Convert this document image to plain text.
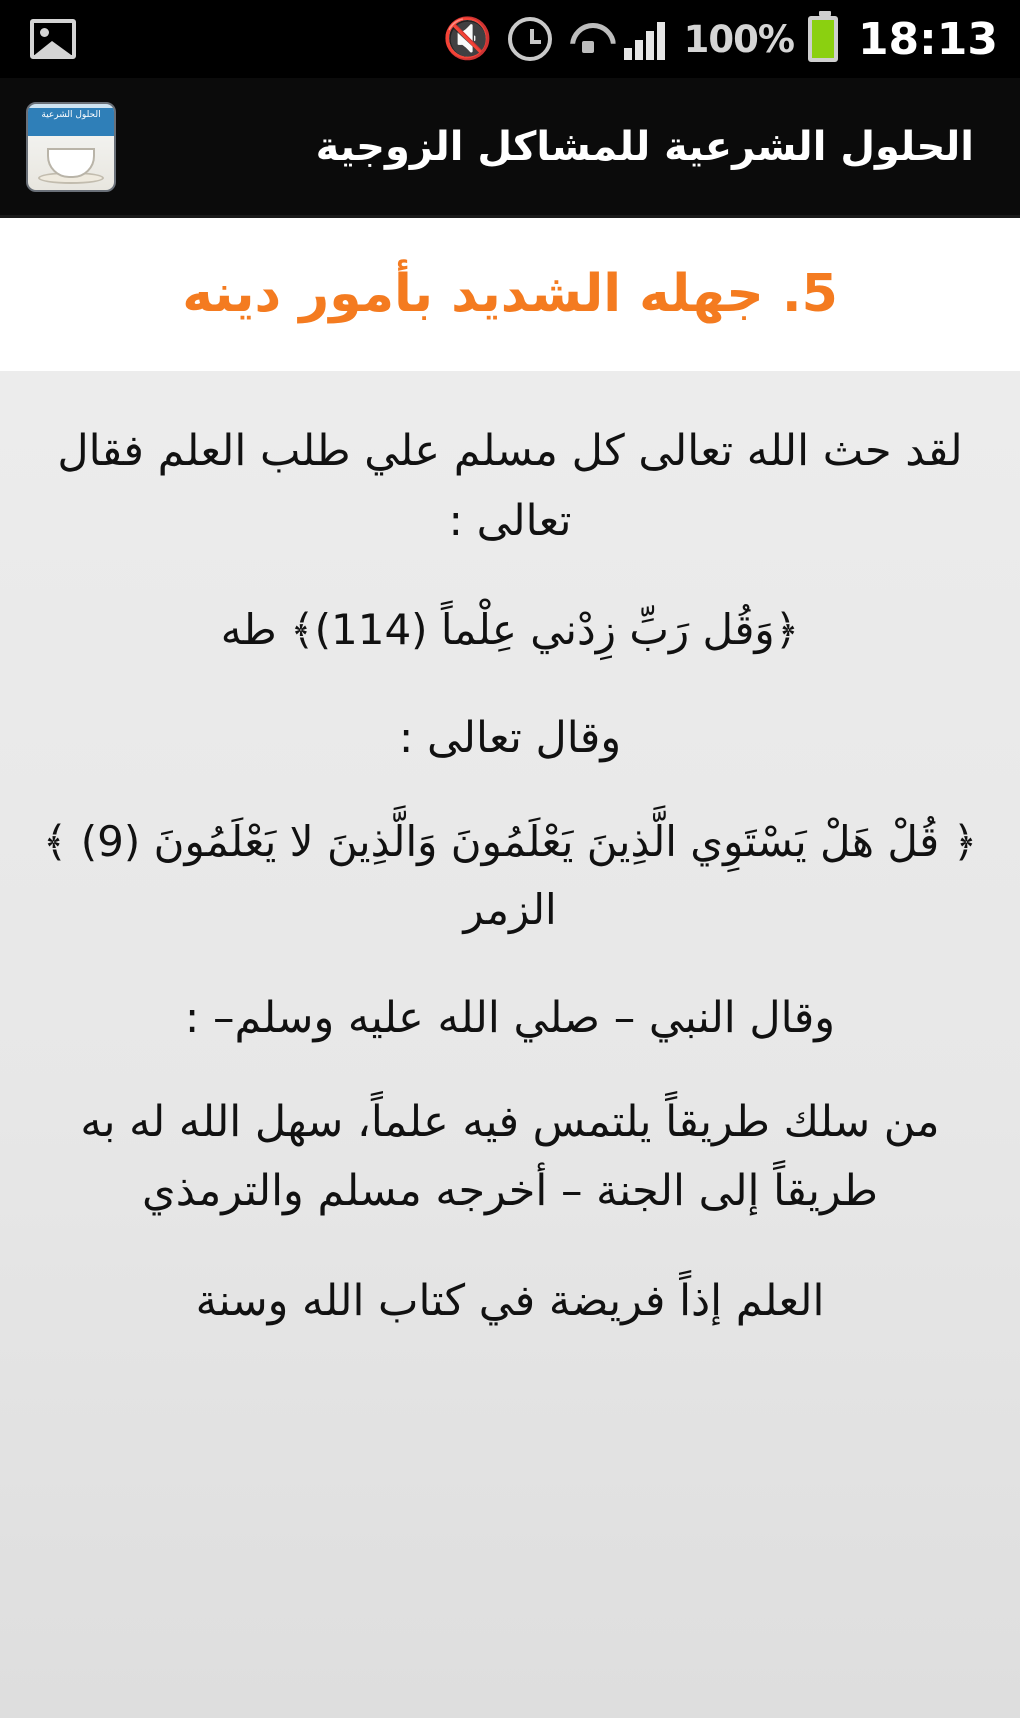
🔇	100% 18:13
الحلول الشرعية للمشاكل الزوجية
الحلول الشرعية
5. جهله الشديد بأمور دينه

لقد حث الله تعالى كل مسلم علي طلب العلم فقال تعالى :

﴿وَقُل رَبِّ زِدْني عِلْماً (114)﴾ طه

وقال تعالى :

﴿ قُلْ هَلْ يَسْتَوِي الَّذِينَ يَعْلَمُونَ وَالَّذِينَ لا يَعْلَمُونَ (9) ﴾ الزمر

وقال النبي – صلي الله عليه وسلم– :

من سلك طريقاً يلتمس فيه علماً، سهل الله له به طريقاً إلى الجنة – أخرجه مسلم والترمذي

العلم إذاً فريضة في كتاب الله وسنة
